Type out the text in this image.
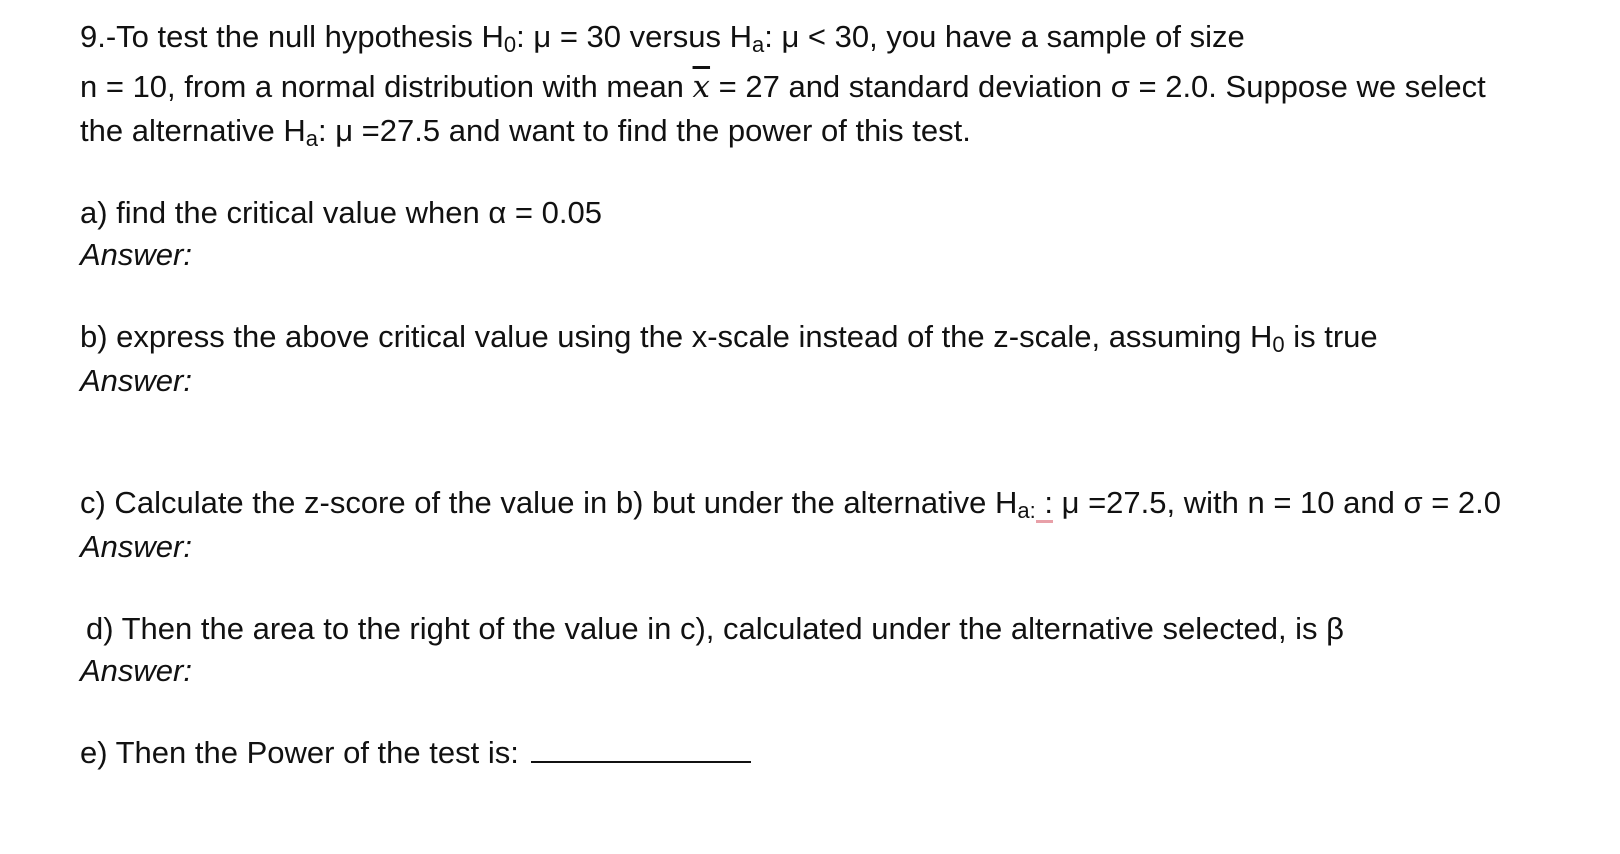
9.-To test the null hypothesis $H_0$: μ = 30 versus $H_a$: μ < 30, you have a sample of size
n = 10, from a normal distribution with mean $\overline{x} = 27$ and standard deviation σ = 2.0. Suppose we select
the alternative $H_a$: μ =27.5 and want to find the power of this test.
a) find the critical value when α = 0.05
Answer:
b) express the above critical value using the x-scale instead of the z-scale, assuming $H_0$ is true
Answer:
c) Calculate the z-score of the value in b) but under the alternative $H_{a:}$ : μ =27.5, with n = 10 and σ = 2.0
Answer:
d) Then the area to the right of the value in c), calculated under the alternative selected, is β
Answer:
e) Then the Power of the test is:
